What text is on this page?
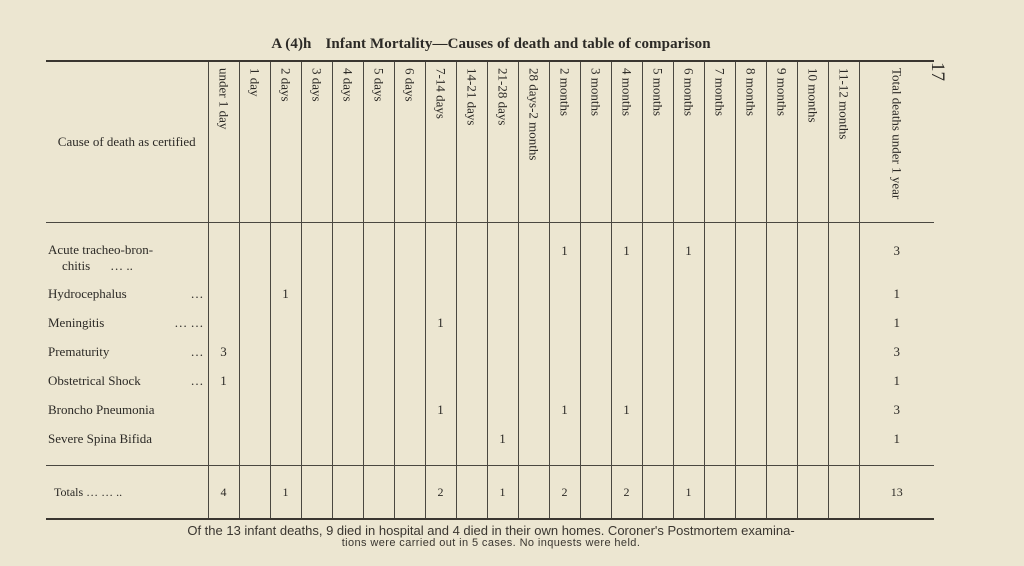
17
A (4)h Infant Mortality—Causes of death and table of comparison
Cause of death as certified	under 1 day	1 day	2 days	3 days	4 days	5 days	6 days	7-14 days	14-21 days	21-28 days	28 days-2 months	2 months	3 months	4 months	5 months	6 months	7 months	8 months	9 months	10 months	11-12 months	Total deaths under 1 year

Acute tracheo-bron-
chitis … ..												1		1		1						3

Hydrocephalus …			1																			1

Meningitis … …								1														1

Prematurity …	3																					3

Obstetrical Shock …	1																					1

Broncho Pneumonia								1				1		1								3

Severe Spina Bifida										1												1

Totals … … ..	4		1					2		1		2		2		1						13
Of the 13 infant deaths, 9 died in hospital and 4 died in their own homes. Coroner's Postmortem examina-
tions were carried out in 5 cases. No inquests were held.
